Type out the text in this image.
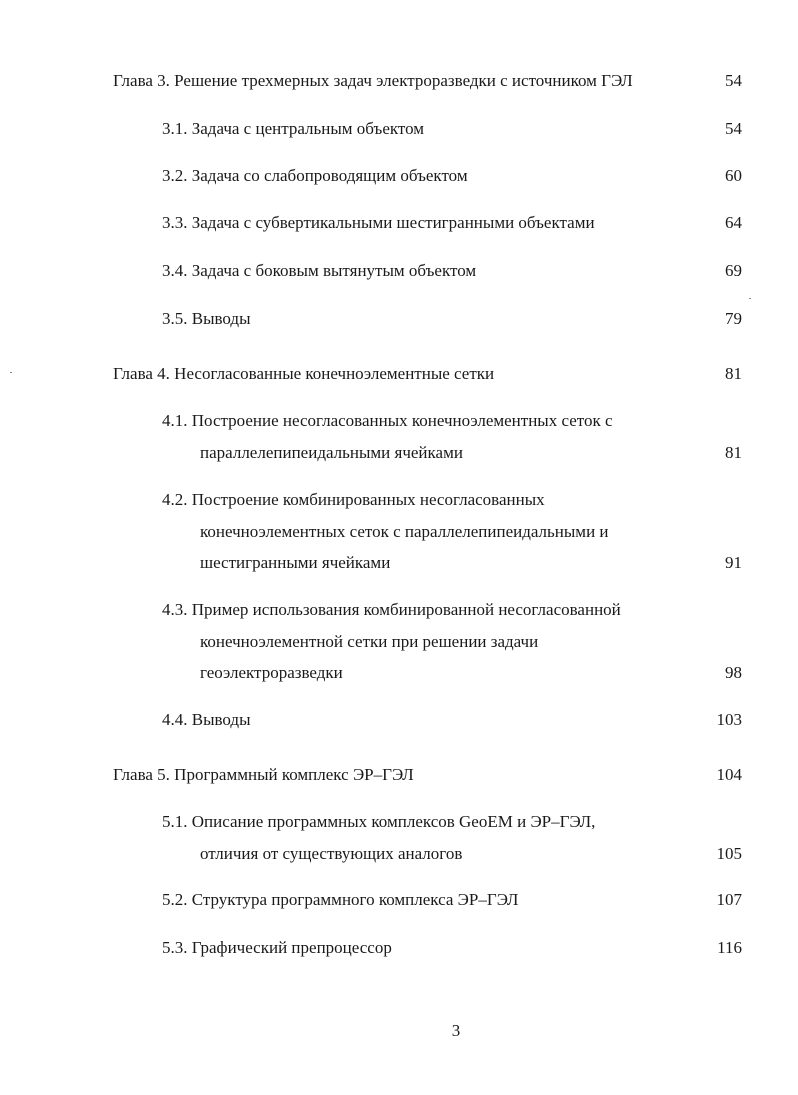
Глава 3. Решение трехмерных задач электроразведки с источником ГЭЛ	54
3.1. Задача с центральным объектом	54
3.2. Задача со слабопроводящим объектом	60
3.3. Задача с субвертикальными шестигранными объектами	64
3.4. Задача с боковым вытянутым объектом	69
3.5. Выводы	79
Глава 4. Несогласованные конечноэлементные сетки	81
4.1. Построение несогласованных конечноэлементных сеток с
параллелепипеидальными ячейками	81
4.2. Построение комбинированных несогласованных
конечноэлементных сеток с параллелепипеидальными и
шестигранными ячейками	91
4.3. Пример использования комбинированной несогласованной
конечноэлементной сетки при решении задачи
геоэлектроразведки	98
4.4. Выводы	103
Глава 5. Программный комплекс ЭР–ГЭЛ	104
5.1. Описание программных комплексов GeoEM и ЭР–ГЭЛ,
отличия от существующих аналогов	105
5.2. Структура программного комплекса ЭР–ГЭЛ	107
5.3. Графический препроцессор	116
3
